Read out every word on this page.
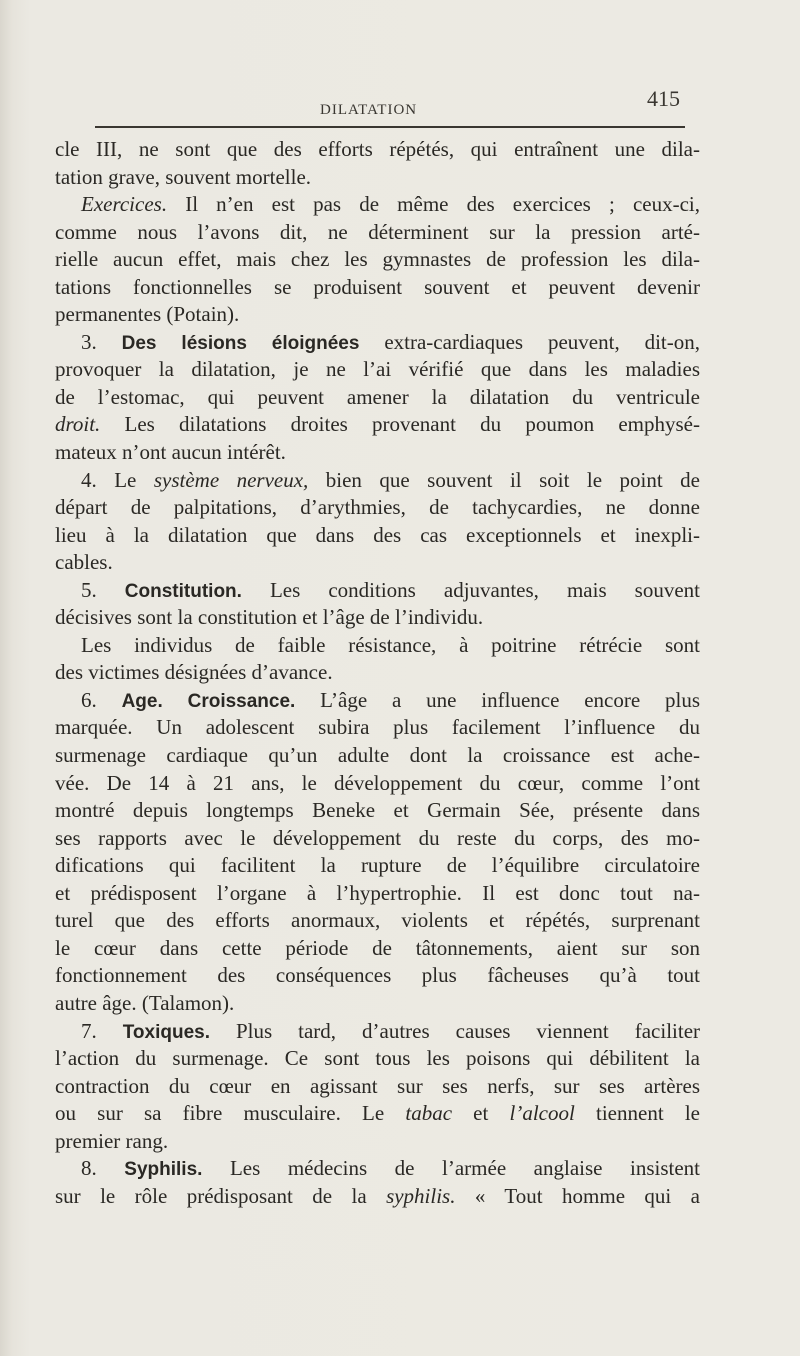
DILATATION	415
cle III, ne sont que des efforts répétés, qui entraînent une dila-
tation grave, souvent mortelle.
Exercices. Il n’en est pas de même des exercices ; ceux-ci,
comme nous l’avons dit, ne déterminent sur la pression arté-
rielle aucun effet, mais chez les gymnastes de profession les dila-
tations fonctionnelles se produisent souvent et peuvent devenir
permanentes (Potain).
3. Des lésions éloignées extra-cardiaques peuvent, dit-on,
provoquer la dilatation, je ne l’ai vérifié que dans les maladies
de l’estomac, qui peuvent amener la dilatation du ventricule
droit. Les dilatations droites provenant du poumon emphysé-
mateux n’ont aucun intérêt.
4. Le système nerveux, bien que souvent il soit le point de
départ de palpitations, d’arythmies, de tachycardies, ne donne
lieu à la dilatation que dans des cas exceptionnels et inexpli-
cables.
5. Constitution. Les conditions adjuvantes, mais souvent
décisives sont la constitution et l’âge de l’individu.
Les individus de faible résistance, à poitrine rétrécie sont
des victimes désignées d’avance.
6. Age. Croissance. L’âge a une influence encore plus
marquée. Un adolescent subira plus facilement l’influence du
surmenage cardiaque qu’un adulte dont la croissance est ache-
vée. De 14 à 21 ans, le développement du cœur, comme l’ont
montré depuis longtemps Beneke et Germain Sée, présente dans
ses rapports avec le développement du reste du corps, des mo-
difications qui facilitent la rupture de l’équilibre circulatoire
et prédisposent l’organe à l’hypertrophie. Il est donc tout na-
turel que des efforts anormaux, violents et répétés, surprenant
le cœur dans cette période de tâtonnements, aient sur son
fonctionnement des conséquences plus fâcheuses qu’à tout
autre âge. (Talamon).
7. Toxiques. Plus tard, d’autres causes viennent faciliter
l’action du surmenage. Ce sont tous les poisons qui débilitent la
contraction du cœur en agissant sur ses nerfs, sur ses artères
ou sur sa fibre musculaire. Le tabac et l’alcool tiennent le
premier rang.
8. Syphilis. Les médecins de l’armée anglaise insistent
sur le rôle prédisposant de la syphilis. « Tout homme qui a
